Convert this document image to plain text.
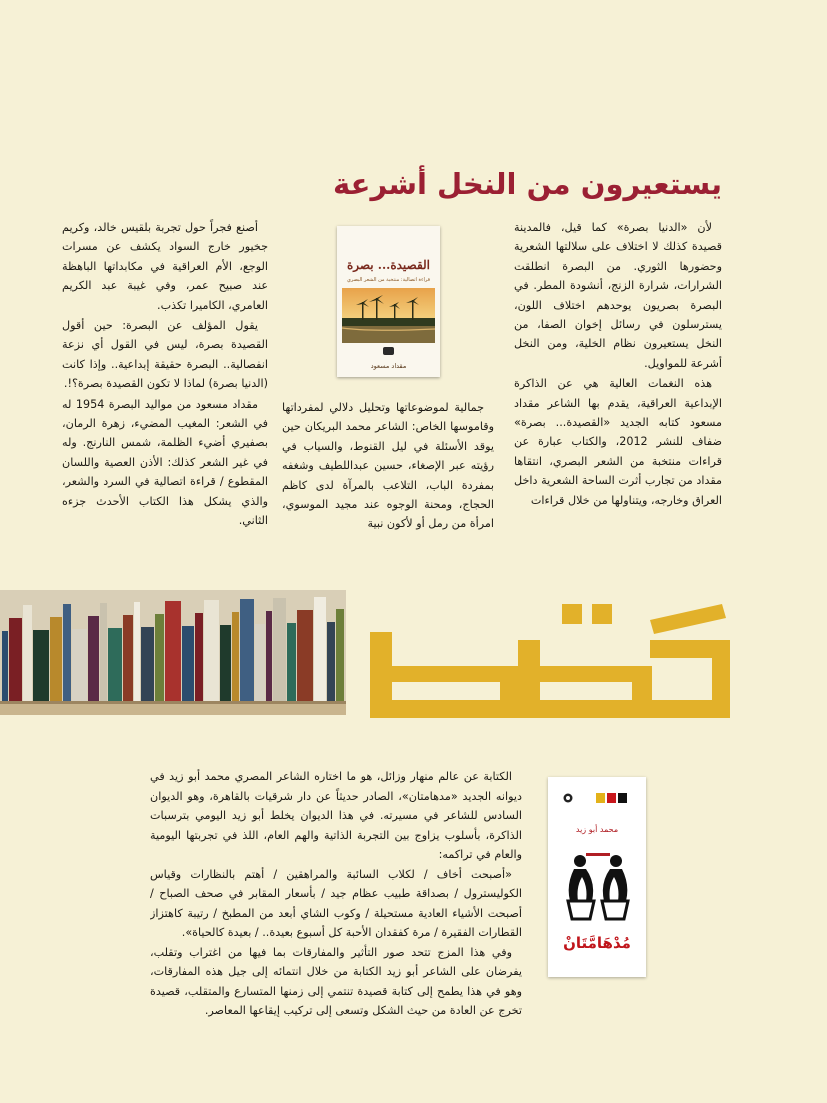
يستعيرون من النخل أشرعة

لأن «الدنيا بصرة» كما قيل، فالمدينة قصيدة كذلك لا اختلاف على سلالتها الشعرية وحضورها الثوري. من البصرة انطلقت الشرارات، شرارة الزنج، أنشودة المطر. في البصرة بصريون يوحدهم اختلاف اللون، يسترسلون في رسائل إخوان الصفا، من النخل يستعيرون نظام الخلية، ومن النخل أشرعة للمواويل.

هذه النغمات العالية هي عن الذاكرة الإبداعية العراقية، يقدم بها الشاعر مقداد مسعود كتابه الجديد «القصيدة... بصرة» ضفاف للنشر 2012، والكتاب عبارة عن قراءات منتخبة من الشعر البصري، انتقاها مقداد من تجارب أثرت الساحة الشعرية داخل العراق وخارجه، ويتناولها من خلال قراءات

القصيدة... بصرة
قراءة اتصالية: منتخبة من الشعر البصري
مقداد مسعود

جمالية لموضوعاتها وتحليل دلالي لمفرداتها وقاموسها الخاص: الشاعر محمد البريكان حين يوقد الأسئلة في ليل القنوط، والسياب في رؤيته عبر الإصغاء، حسين عبداللطيف وشغفه بمفردة الباب، التلاعب بالمرآة لدى كاظم الحجاج، ومحنة الوجوه عند مجيد الموسوي، امرأة من رمل أو لأكون نبية

أصنع فجراً حول تجربة بلقيس خالد، وكريم جخيور خارج السواد يكشف عن مسرات الوجع، الأم العراقية في مكابداتها الباهظة عند صبيح عمر، وفي غيبة عبد الكريم العامري، الكاميرا تكذب.

يقول المؤلف عن البصرة: حين أقول القصيدة بصرة، ليس في القول أي نزعة انفصالية.. البصرة حقيقة إبداعية.. وإذا كانت (الدنيا بصرة) لماذا لا تكون القصيدة بصرة؟!.

مقداد مسعود من مواليد البصرة 1954 له في الشعر: المغيب المضيء، زهرة الرمان، بصفيري أضيء الظلمة، شمس النارنج. وله في غير الشعر كذلك: الأذن العصية واللسان المقطوع / قراءة اتصالية في السرد والشعر، والذي يشكل هذا الكتاب الأحدث جزءه الثاني.

كتب
محمد أبو زيد
مُدْهَامَّتَانْ

الكتابة عن عالم منهار وزائل، هو ما اختاره الشاعر المصري محمد أبو زيد في ديوانه الجديد «مدهامتان»، الصادر حديثاً عن دار شرقيات بالقاهرة، وهو الديوان السادس للشاعر في مسيرته. في هذا الديوان يخلط أبو زيد اليومي بترسبات الذاكرة، بأسلوب يزاوج بين التجربة الذاتية والهم العام، اللذ في تجربتها اليومية والعام في تراكمه:

«أصبحت أخاف / لكلاب السائبة والمراهقين / أهتم بالنظارات وقياس الكوليسترول / بصداقة طبيب عظام جيد / بأسعار المقابر في صحف الصباح / أصبحت الأشياء العادية مستحيلة / وكوب الشاي أبعد من المطبخ / رتيبة كاهتزاز القطارات الفقيرة / مرة كفقدان الأحبة كل أسبوع بعيدة.. / بعيدة كالحياة».

وفي هذا المزج تتحد صور التأثير والمفارقات بما فيها من اغتراب وتقلب، يفرضان على الشاعر أبو زيد الكتابة من خلال انتمائه إلى جيل هذه المفارقات، وهو في هذا يطمح إلى كتابة قصيدة تنتمي إلى زمنها المتسارع والمتقلب، قصيدة تخرج عن العادة من حيث الشكل وتسعى إلى تركيب إيقاعها المعاصر.
